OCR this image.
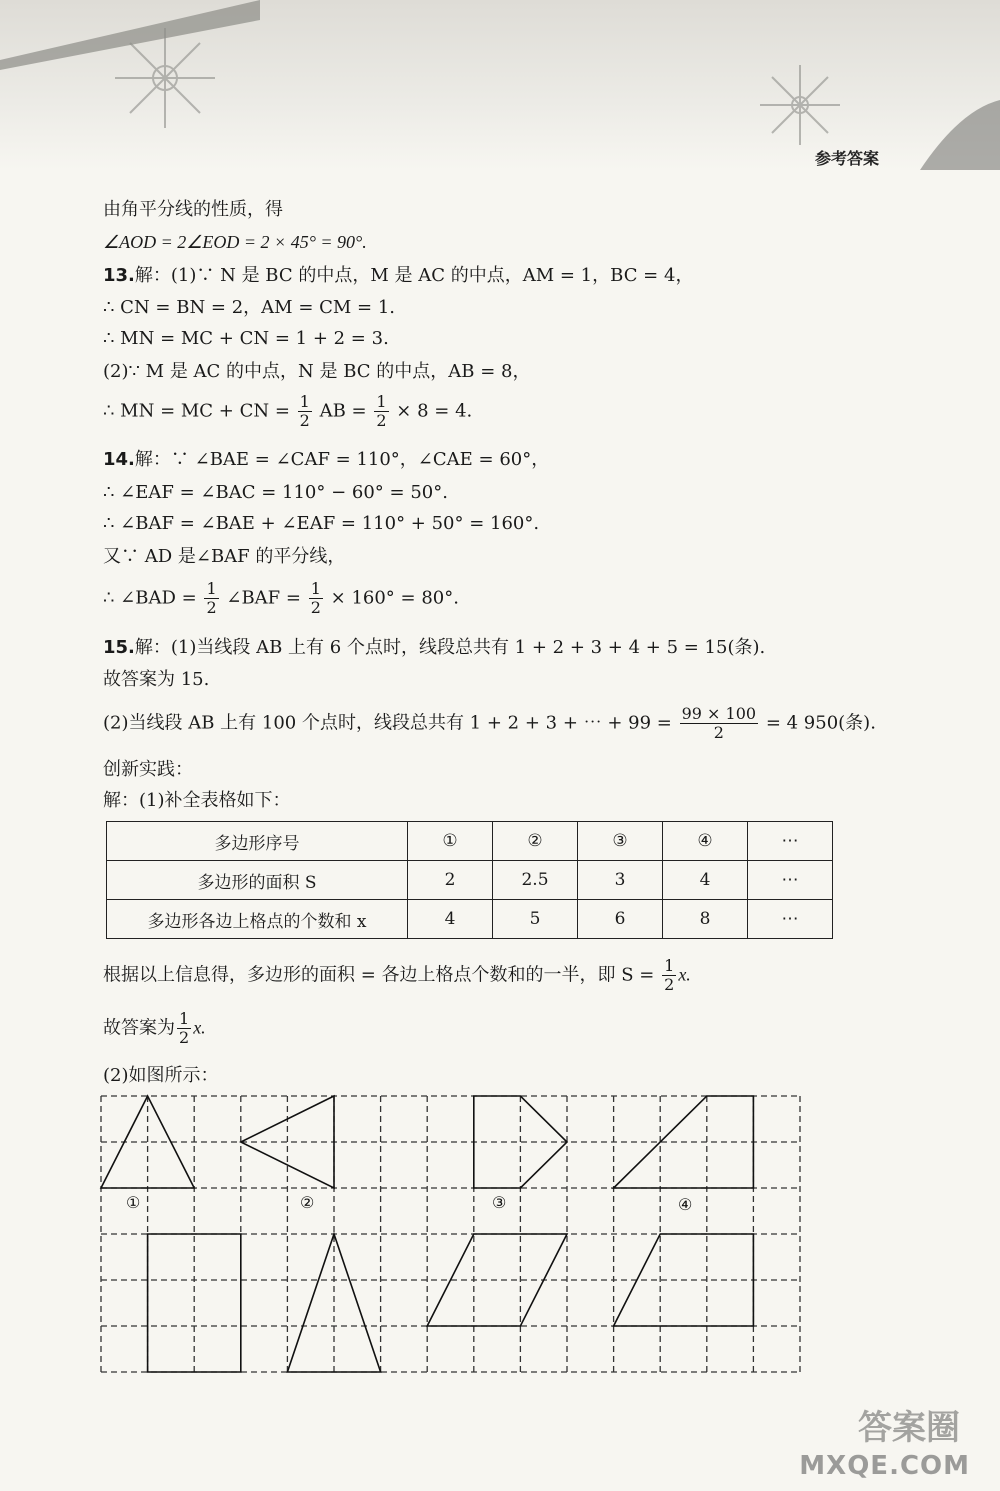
参考答案
由角平分线的性质，得
∠AOD = 2∠EOD = 2 × 45° = 90°.
13.解：(1)∵ N 是 BC 的中点，M 是 AC 的中点，AM = 1，BC = 4，
∴ CN = BN = 2，AM = CM = 1.
∴ MN = MC + CN = 1 + 2 = 3.
(2)∵ M 是 AC 的中点，N 是 BC 的中点，AB = 8，
∴ MN = MC + CN = $\frac{1}{2}$ AB = $\frac{1}{2} \times 8 = 4$.
14.解：∵ ∠BAE = ∠CAF = 110°，∠CAE = 60°，
∴ ∠EAF = ∠BAC = 110° − 60° = 50°.
∴ ∠BAF = ∠BAE + ∠EAF = 110° + 50° = 160°.
又∵ AD 是∠BAF 的平分线，
∴ ∠BAD = $\frac{1}{2}$ ∠BAF = $\frac{1}{2} \times 160^\circ = 80^\circ$.
15.解：(1)当线段 AB 上有 6 个点时，线段总共有 1 + 2 + 3 + 4 + 5 = 15(条).
故答案为 15.
(2)当线段 AB 上有 100 个点时，线段总共有 1 + 2 + 3 + ⋯ + $99 = \frac{99 \times 100}{2} = 4$ 950(条).
创新实践：
解：(1)补全表格如下：
多边形序号	①	②	③	④	⋯
多边形的面积 S	2	2.5	3	4	⋯
多边形各边上格点的个数和 x	4	5	6	8	⋯
根据以上信息得，多边形的面积 = 各边上格点个数和的一半，即 $S = \frac{1}{2} x$.
故答案为 $\frac{1}{2} x$.
(2)如图所示：
①	②	③	④
答案圈
MXQE.COM
